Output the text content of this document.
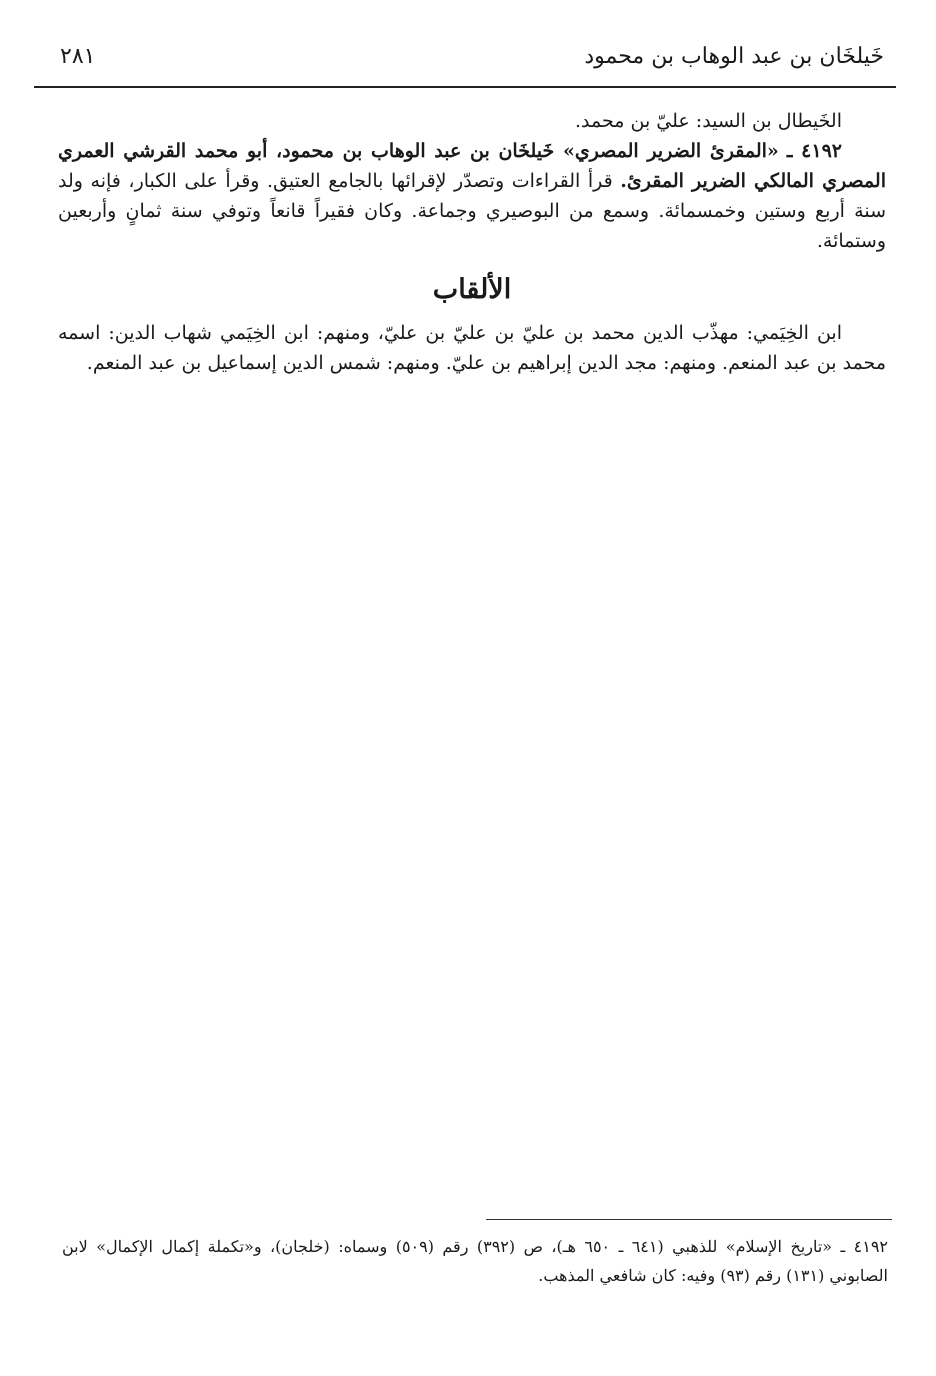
خَيلخَان بن عبد الوهاب بن محمود
٢٨١

الخَيطال بن السيد: عليّ بن محمد.

٤١٩٢ ـ «المقرئ الضرير المصري» خَيلخَان بن عبد الوهاب بن محمود، أبو محمد القرشي العمري المصري المالكي الضرير المقرئ. قرأ القراءات وتصدّر لإقرائها بالجامع العتيق. وقرأ على الكبار، فإنه ولد سنة أربع وستين وخمسمائة. وسمع من البوصيري وجماعة. وكان فقيراً قانعاً وتوفي سنة ثمانٍ وأربعين وستمائة.

الألقاب

ابن الخِيَمي: مهذّب الدين محمد بن عليّ بن عليّ بن عليّ، ومنهم: ابن الخِيَمي شهاب الدين: اسمه محمد بن عبد المنعم. ومنهم: مجد الدين إبراهيم بن عليّ. ومنهم: شمس الدين إسماعيل بن عبد المنعم.

٤١٩٢ ـ «تاريخ الإسلام» للذهبي (٦٤١ ـ ٦٥٠ هـ)، ص (٣٩٢) رقم (٥٠٩) وسماه: (خلجان)، و«تكملة إكمال الإكمال» لابن الصابوني (١٣١) رقم (٩٣) وفيه: كان شافعي المذهب.
